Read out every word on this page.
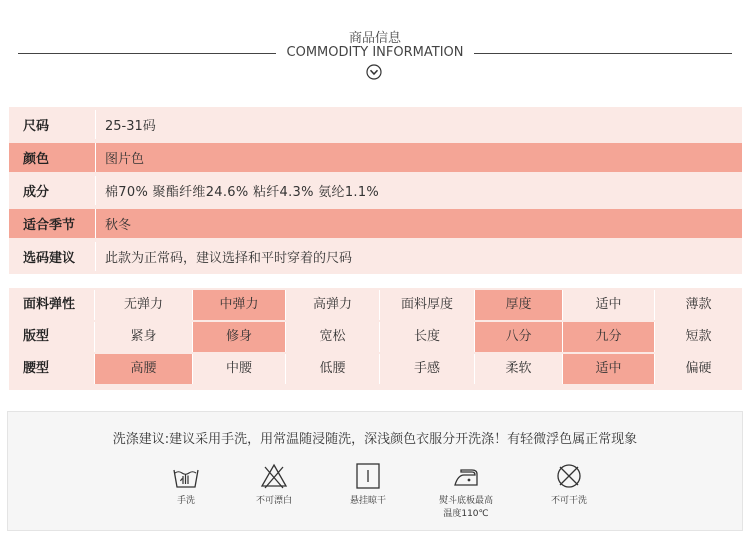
商品信息
COMMODITY INFORMATION
尺码	25-31码
颜色	图片色
成分	棉70% 聚酯纤维24.6% 粘纤4.3% 氨纶1.1%
适合季节	秋冬
选码建议	此款为正常码，建议选择和平时穿着的尺码
面料弹性	无弹力	中弹力	高弹力	面料厚度	厚度	适中	薄款
版型	紧身	修身	宽松	长度	八分	九分	短款
腰型	高腰	中腰	低腰	手感	柔软	适中	偏硬
洗涤建议:建议采用手洗，用常温随浸随洗，深浅颜色衣服分开洗涤！有轻微浮色属正常现象
手洗	不可漂白	悬挂晾干	熨斗底板最高
温度110℃
不可干洗
